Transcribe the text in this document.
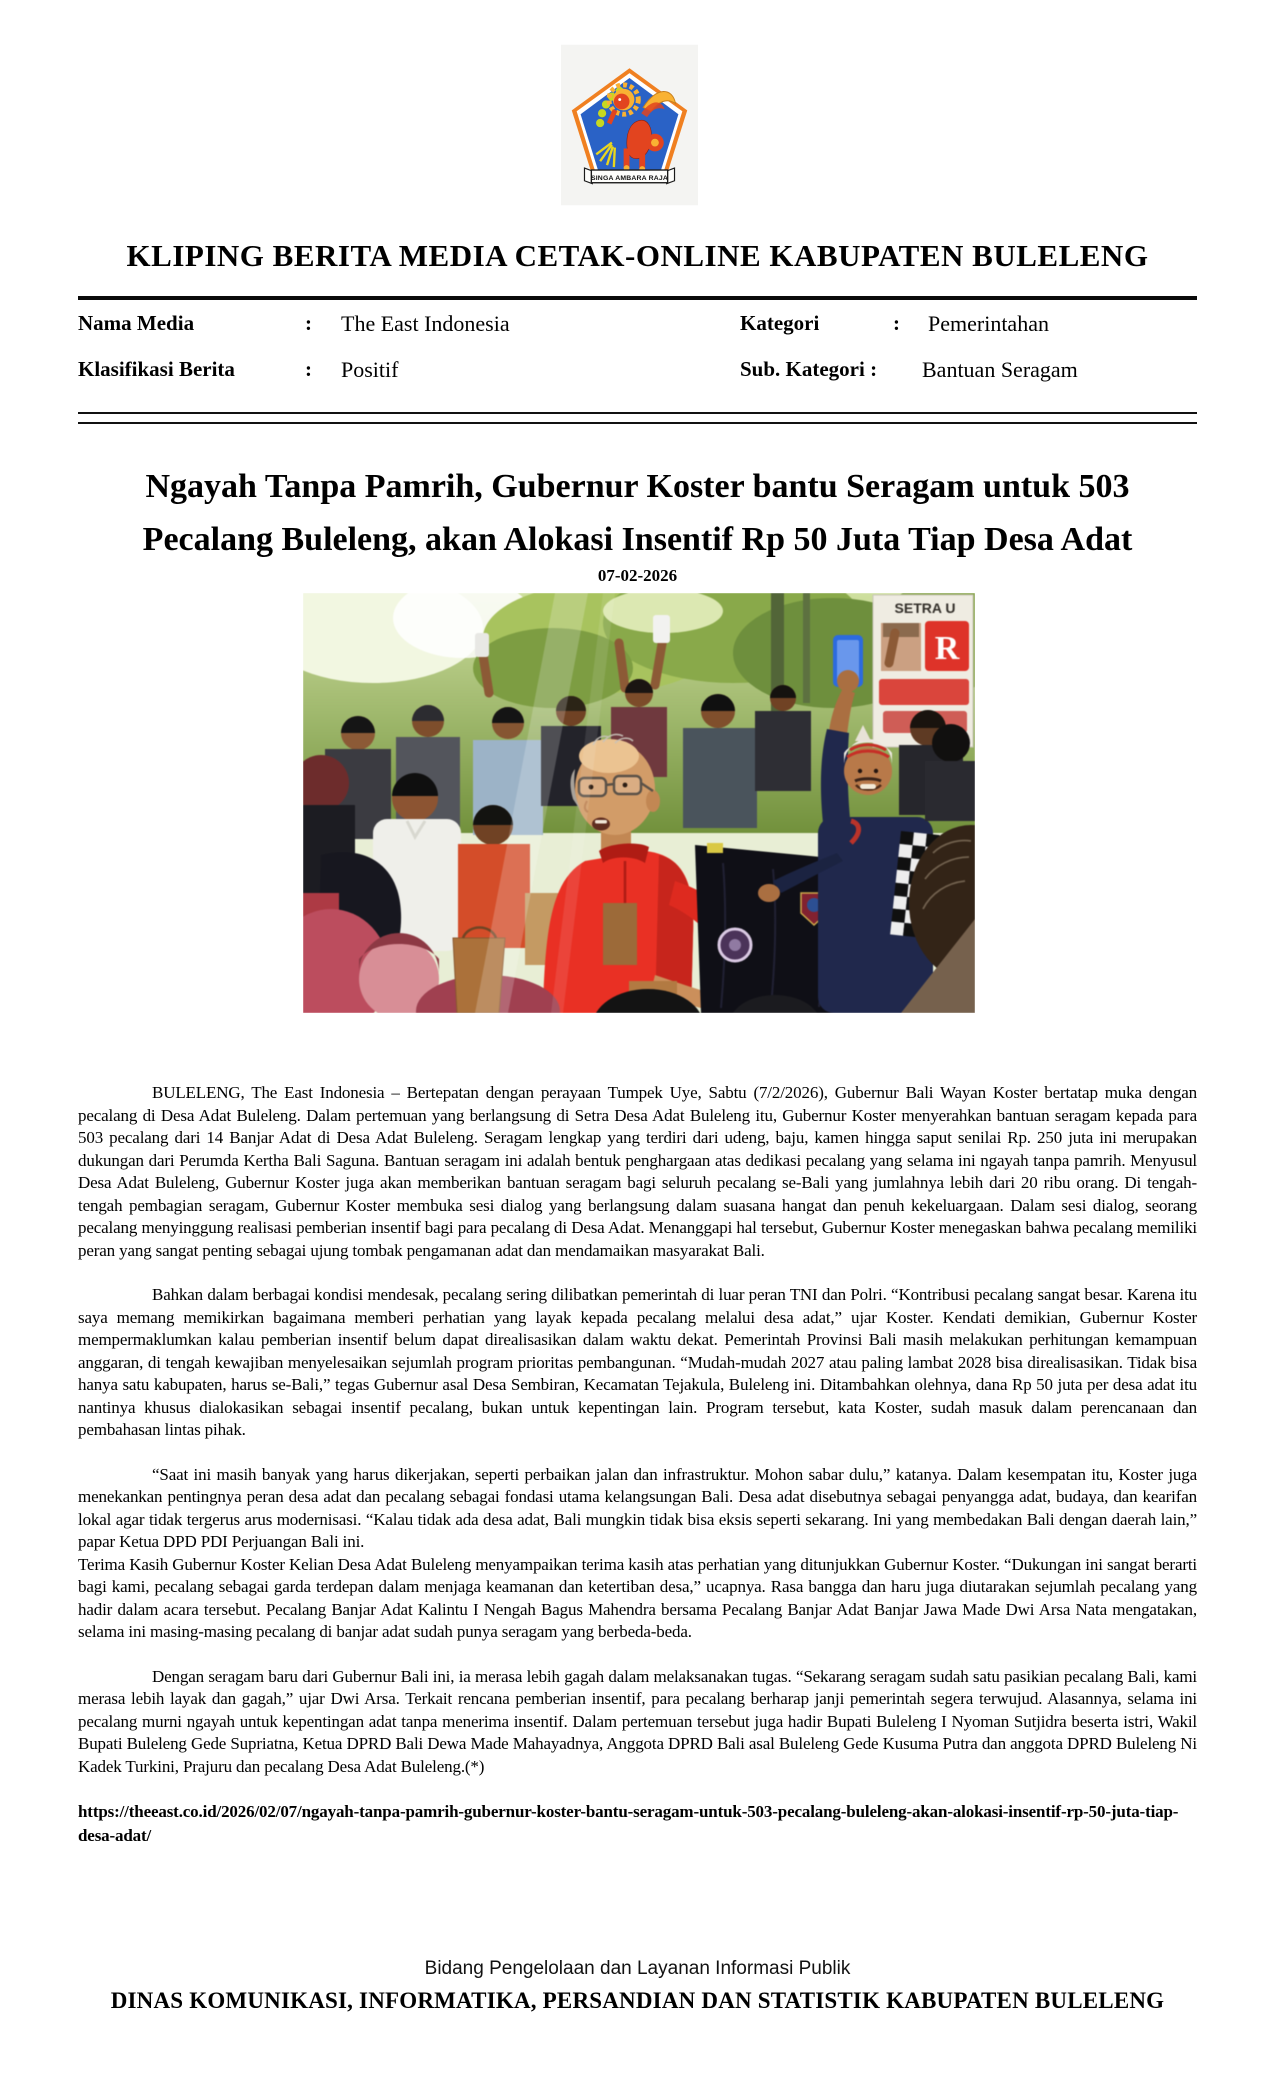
SINGA AMBARA RAJA
KLIPING BERITA MEDIA CETAK-ONLINE KABUPATEN BULELENG
Nama Media	: The East Indonesia	Kategori	: Pemerintahan
Klasifikasi Berita	: Positif	Sub. Kategori : Bantuan Seragam
Ngayah Tanpa Pamrih, Gubernur Koster bantu Seragam untuk 503
Pecalang Buleleng, akan Alokasi Insentif Rp 50 Juta Tiap Desa Adat
07-02-2026
SETRA U
R

BULELENG, The East Indonesia – Bertepatan dengan perayaan Tumpek Uye, Sabtu (7/2/2026), Gubernur Bali Wayan Koster bertatap muka dengan pecalang di Desa Adat Buleleng. Dalam pertemuan yang berlangsung di Setra Desa Adat Buleleng itu, Gubernur Koster menyerahkan bantuan seragam kepada para 503 pecalang dari 14 Banjar Adat di Desa Adat Buleleng. Seragam lengkap yang terdiri dari udeng, baju, kamen hingga saput senilai Rp. 250 juta ini merupakan dukungan dari Perumda Kertha Bali Saguna. Bantuan seragam ini adalah bentuk penghargaan atas dedikasi pecalang yang selama ini ngayah tanpa pamrih. Menyusul Desa Adat Buleleng, Gubernur Koster juga akan memberikan bantuan seragam bagi seluruh pecalang se-Bali yang jumlahnya lebih dari 20 ribu orang. Di tengah-tengah pembagian seragam, Gubernur Koster membuka sesi dialog yang berlangsung dalam suasana hangat dan penuh kekeluargaan. Dalam sesi dialog, seorang pecalang menyinggung realisasi pemberian insentif bagi para pecalang di Desa Adat. Menanggapi hal tersebut, Gubernur Koster menegaskan bahwa pecalang memiliki peran yang sangat penting sebagai ujung tombak pengamanan adat dan mendamaikan masyarakat Bali.

Bahkan dalam berbagai kondisi mendesak, pecalang sering dilibatkan pemerintah di luar peran TNI dan Polri. “Kontribusi pecalang sangat besar. Karena itu saya memang memikirkan bagaimana memberi perhatian yang layak kepada pecalang melalui desa adat,” ujar Koster. Kendati demikian, Gubernur Koster mempermaklumkan kalau pemberian insentif belum dapat direalisasikan dalam waktu dekat. Pemerintah Provinsi Bali masih melakukan perhitungan kemampuan anggaran, di tengah kewajiban menyelesaikan sejumlah program prioritas pembangunan. “Mudah-mudah 2027 atau paling lambat 2028 bisa direalisasikan. Tidak bisa hanya satu kabupaten, harus se-Bali,” tegas Gubernur asal Desa Sembiran, Kecamatan Tejakula, Buleleng ini. Ditambahkan olehnya, dana Rp 50 juta per desa adat itu nantinya khusus dialokasikan sebagai insentif pecalang, bukan untuk kepentingan lain. Program tersebut, kata Koster, sudah masuk dalam perencanaan dan pembahasan lintas pihak.

“Saat ini masih banyak yang harus dikerjakan, seperti perbaikan jalan dan infrastruktur. Mohon sabar dulu,” katanya. Dalam kesempatan itu, Koster juga menekankan pentingnya peran desa adat dan pecalang sebagai fondasi utama kelangsungan Bali. Desa adat disebutnya sebagai penyangga adat, budaya, dan kearifan lokal agar tidak tergerus arus modernisasi. “Kalau tidak ada desa adat, Bali mungkin tidak bisa eksis seperti sekarang. Ini yang membedakan Bali dengan daerah lain,” papar Ketua DPD PDI Perjuangan Bali ini.

Terima Kasih Gubernur Koster Kelian Desa Adat Buleleng menyampaikan terima kasih atas perhatian yang ditunjukkan Gubernur Koster. “Dukungan ini sangat berarti bagi kami, pecalang sebagai garda terdepan dalam menjaga keamanan dan ketertiban desa,” ucapnya. Rasa bangga dan haru juga diutarakan sejumlah pecalang yang hadir dalam acara tersebut. Pecalang Banjar Adat Kalintu I Nengah Bagus Mahendra bersama Pecalang Banjar Adat Banjar Jawa Made Dwi Arsa Nata mengatakan, selama ini masing-masing pecalang di banjar adat sudah punya seragam yang berbeda-beda.

Dengan seragam baru dari Gubernur Bali ini, ia merasa lebih gagah dalam melaksanakan tugas. “Sekarang seragam sudah satu pasikian pecalang Bali, kami merasa lebih layak dan gagah,” ujar Dwi Arsa. Terkait rencana pemberian insentif, para pecalang berharap janji pemerintah segera terwujud. Alasannya, selama ini pecalang murni ngayah untuk kepentingan adat tanpa menerima insentif. Dalam pertemuan tersebut juga hadir Bupati Buleleng I Nyoman Sutjidra beserta istri, Wakil Bupati Buleleng Gede Supriatna, Ketua DPRD Bali Dewa Made Mahayadnya, Anggota DPRD Bali asal Buleleng Gede Kusuma Putra dan anggota DPRD Buleleng Ni Kadek Turkini, Prajuru dan pecalang Desa Adat Buleleng.(*)

https://theeast.co.id/2026/02/07/ngayah-tanpa-pamrih-gubernur-koster-bantu-seragam-untuk-503-pecalang-buleleng-akan-alokasi-insentif-rp-50-juta-tiap-desa-adat/

Bidang Pengelolaan dan Layanan Informasi Publik
DINAS KOMUNIKASI, INFORMATIKA, PERSANDIAN DAN STATISTIK KABUPATEN BULELENG
